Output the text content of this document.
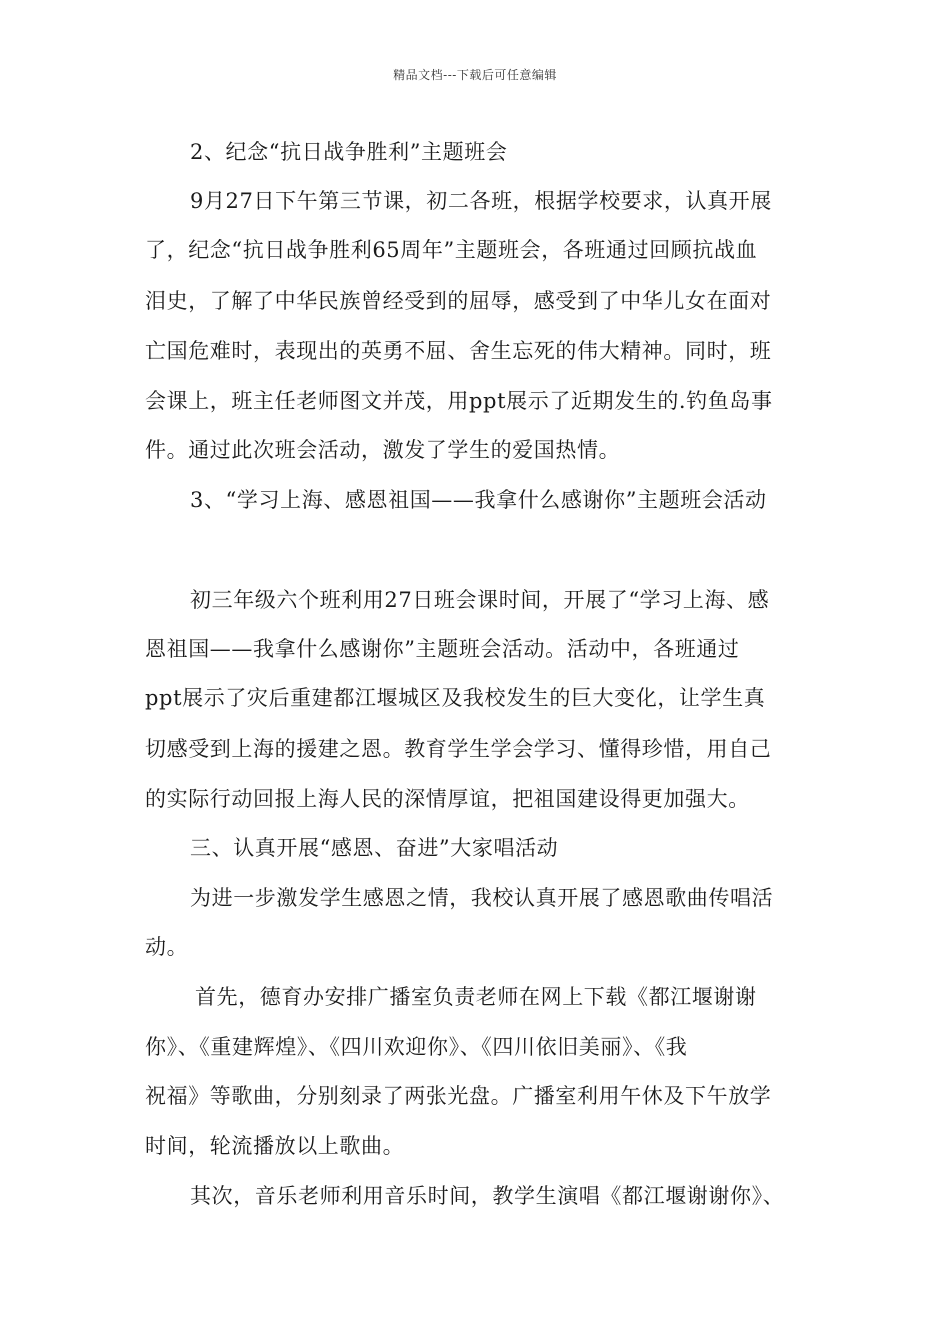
精品文档---下载后可任意编辑
2、纪念“抗日战争胜利”主题班会
9月27日下午第三节课，初二各班，根据学校要求，认真开展
了，纪念“抗日战争胜利65周年”主题班会，各班通过回顾抗战血
泪史，了解了中华民族曾经受到的屈辱，感受到了中华儿女在面对
亡国危难时，表现出的英勇不屈、舍生忘死的伟大精神。同时，班
会课上，班主任老师图文并茂，用ppt展示了近期发生的.钓鱼岛事
件。通过此次班会活动，激发了学生的爱国热情。
3、“学习上海、感恩祖国——我拿什么感谢你”主题班会活动
初三年级六个班利用27日班会课时间，开展了“学习上海、感
恩祖国——我拿什么感谢你”主题班会活动。活动中，各班通过
ppt展示了灾后重建都江堰城区及我校发生的巨大变化，让学生真
切感受到上海的援建之恩。教育学生学会学习、懂得珍惜，用自己
的实际行动回报上海人民的深情厚谊，把祖国建设得更加强大。
三、认真开展“感恩、奋进”大家唱活动
为进一步激发学生感恩之情，我校认真开展了感恩歌曲传唱活
动。
首先，德育办安排广播室负责老师在网上下载《都江堰谢谢
你》、《重建辉煌》、《四川欢迎你》、《四川依旧美丽》、《我
祝福》等歌曲，分别刻录了两张光盘。广播室利用午休及下午放学
时间，轮流播放以上歌曲。
其次，音乐老师利用音乐时间，教学生演唱《都江堰谢谢你》、
